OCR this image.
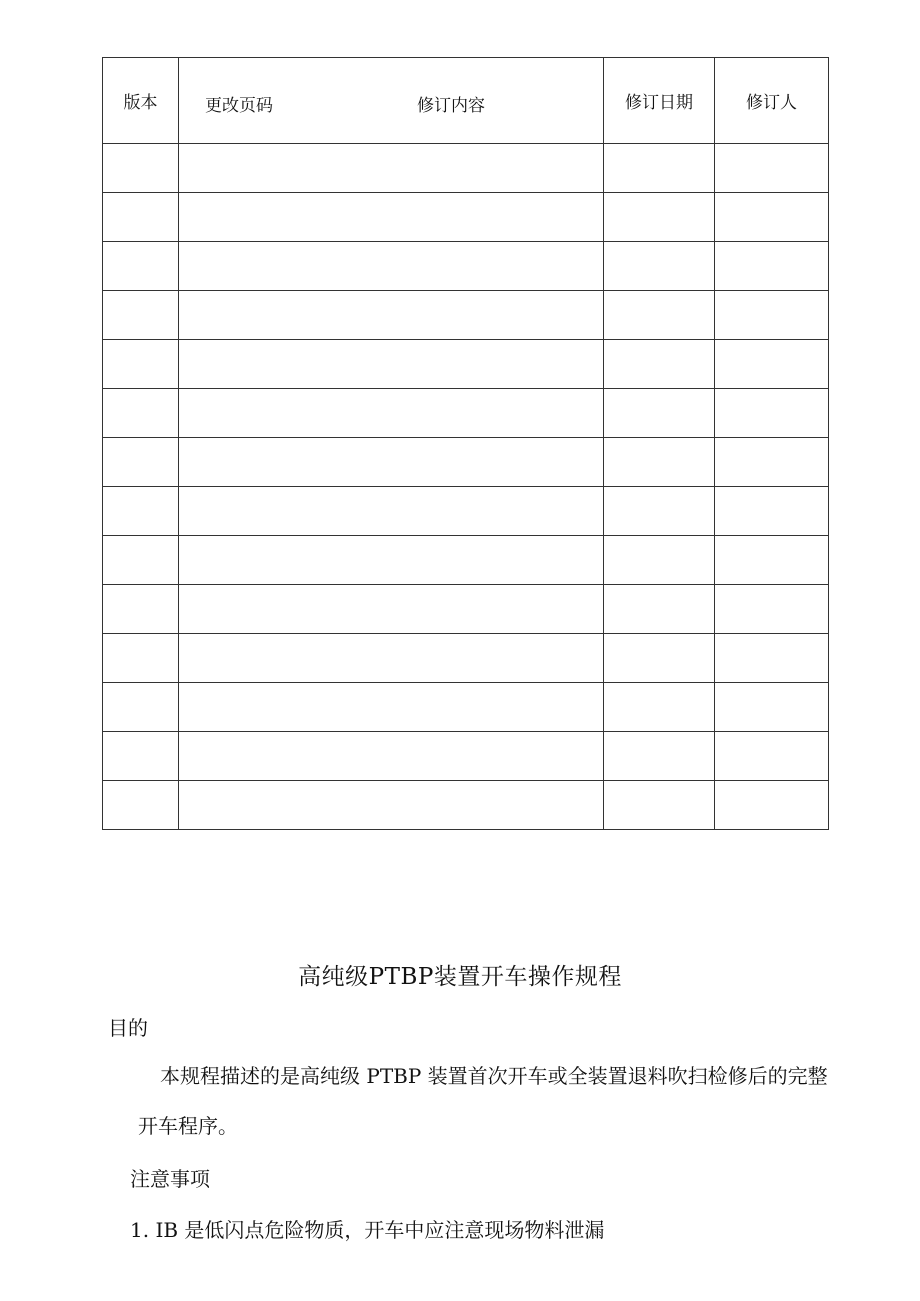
版本	更改页码 修订内容	修订日期	修订人

高纯级PTBP装置开车操作规程
目的
本规程描述的是高纯级 PTBP 装置首次开车或全装置退料吹扫检修后的完整
开车程序。
注意事项
1. IB 是低闪点危险物质，开车中应注意现场物料泄漏
